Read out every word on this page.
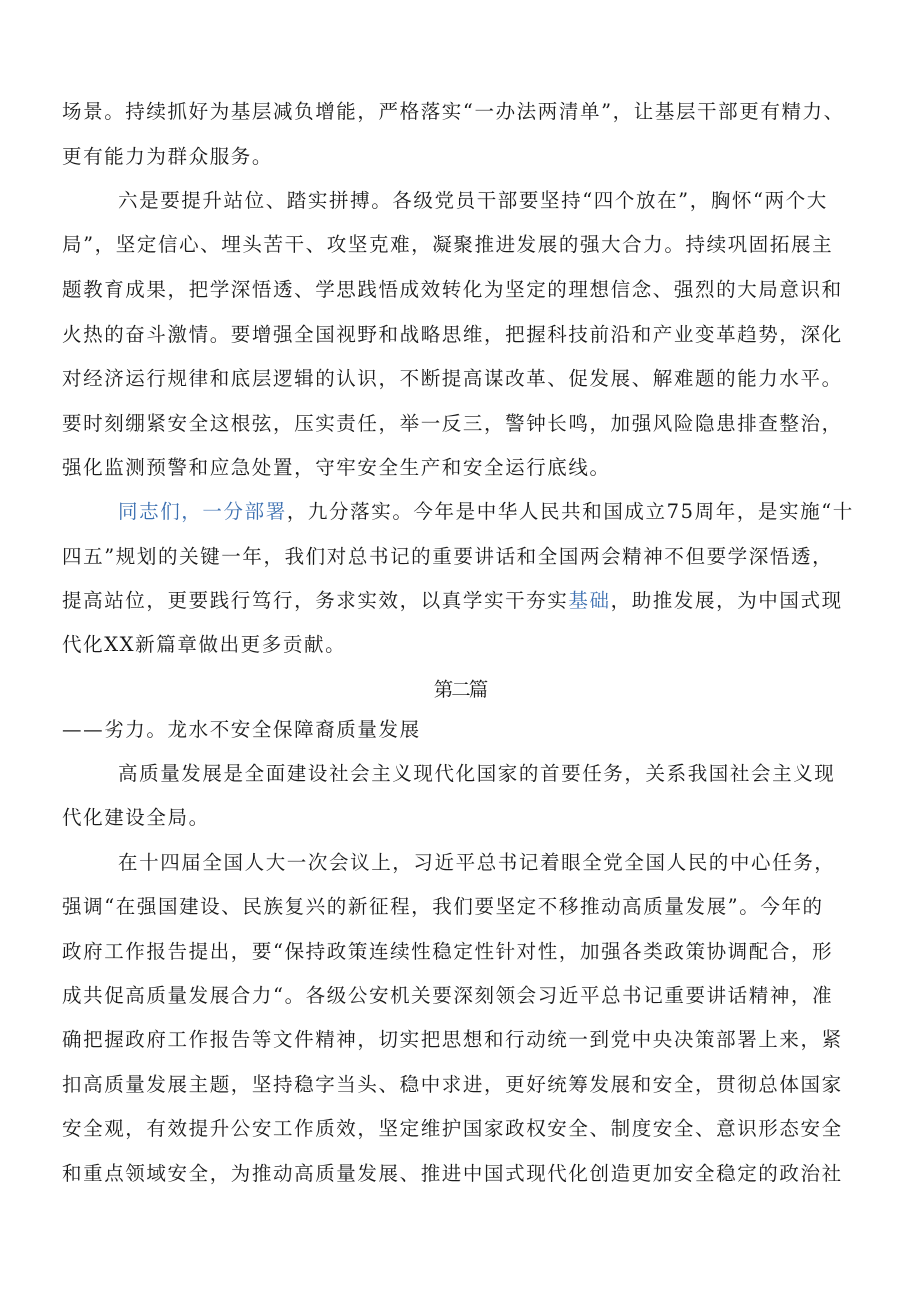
场景。持续抓好为基层减负增能，严格落实“一办法两清单”，让基层干部更有精力、
更有能力为群众服务。
六是要提升站位、踏实拼搏。各级党员干部要坚持“四个放在”，胸怀“两个大
局”，坚定信心、埋头苦干、攻坚克难，凝聚推进发展的强大合力。持续巩固拓展主
题教育成果，把学深悟透、学思践悟成效转化为坚定的理想信念、强烈的大局意识和
火热的奋斗激情。要增强全国视野和战略思维，把握科技前沿和产业变革趋势，深化
对经济运行规律和底层逻辑的认识，不断提高谋改革、促发展、解难题的能力水平。
要时刻绷紧安全这根弦，压实责任，举一反三，警钟长鸣，加强风险隐患排查整治，
强化监测预警和应急处置，守牢安全生产和安全运行底线。
同志们，一分部署，九分落实。今年是中华人民共和国成立75周年，是实施“十
四五”规划的关键一年，我们对总书记的重要讲话和全国两会精神不但要学深悟透，
提高站位，更要践行笃行，务求实效，以真学实干夯实基础，助推发展，为中国式现
代化XX新篇章做出更多贡献。
第二篇
——劣力。龙水不安全保障裔质量发展
高质量发展是全面建设社会主义现代化国家的首要任务，关系我国社会主义现
代化建设全局。
在十四届全国人大一次会议上，习近平总书记着眼全党全国人民的中心任务，
强调“在强国建设、民族复兴的新征程，我们要坚定不移推动高质量发展”。今年的
政府工作报告提出，要“保持政策连续性稳定性针对性，加强各类政策协调配合，形
成共促高质量发展合力“。各级公安机关要深刻领会习近平总书记重要讲话精神，准
确把握政府工作报告等文件精神，切实把思想和行动统一到党中央决策部署上来，紧
扣高质量发展主题，坚持稳字当头、稳中求进，更好统筹发展和安全，贯彻总体国家
安全观，有效提升公安工作质效，坚定维护国家政权安全、制度安全、意识形态安全
和重点领域安全，为推动高质量发展、推进中国式现代化创造更加安全稳定的政治社
